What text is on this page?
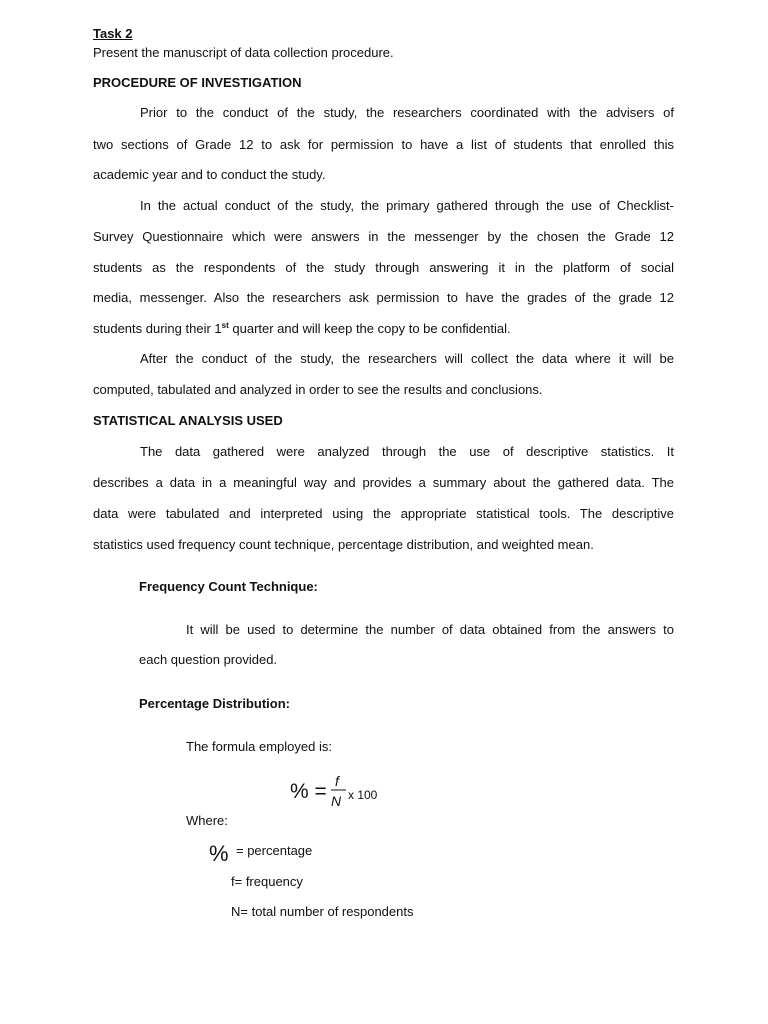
Task 2
Present the manuscript of data collection procedure.
PROCEDURE OF INVESTIGATION
Prior to the conduct of the study, the researchers coordinated with the advisers of
two sections of Grade 12 to ask for permission to have a list of students that enrolled this
academic year and to conduct the study.
In the actual conduct of the study, the primary gathered through the use of Checklist-
Survey Questionnaire which were answers in the messenger by the chosen the Grade 12
students as the respondents of the study through answering it in the platform of social
media, messenger. Also the researchers ask permission to have the grades of the grade 12
students during their 1st quarter and will keep the copy to be confidential.
After the conduct of the study, the researchers will collect the data where it will be
computed, tabulated and analyzed in order to see the results and conclusions.
STATISTICAL ANALYSIS USED
The data gathered were analyzed through the use of descriptive statistics. It
describes a data in a meaningful way and provides a summary about the gathered data. The
data were tabulated and interpreted using the appropriate statistical tools. The descriptive
statistics used frequency count technique, percentage distribution, and weighted mean.
Frequency Count Technique:
It will be used to determine the number of data obtained from the answers to
each question provided.
Percentage Distribution:
The formula employed is:
% = f
N x 100
Where:
% = percentage
f= frequency
N= total number of respondents
